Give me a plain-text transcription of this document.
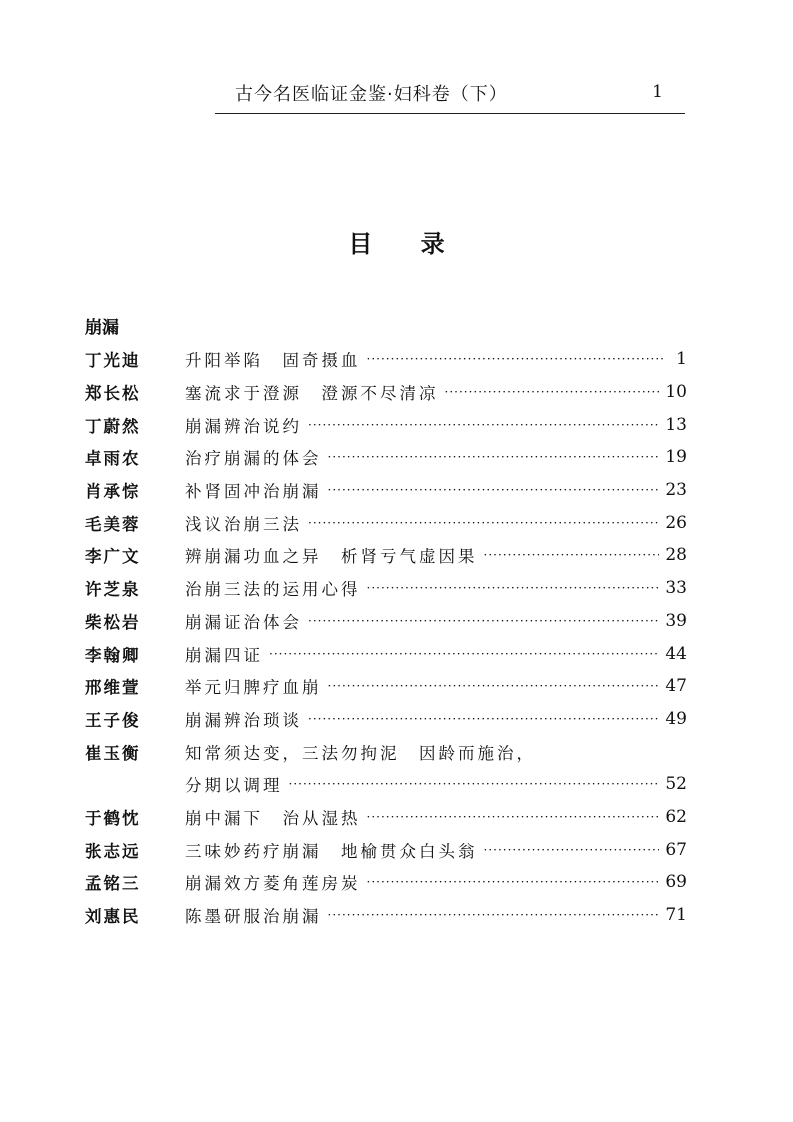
古今名医临证金鉴·妇科卷（下）	1
目 录
崩漏
丁光迪	升阳举陷　固奇摄血 ·····	1
郑长松	塞流求于澄源　澄源不尽清凉 ·····	10
丁蔚然	崩漏辨治说约 ·····	13
卓雨农	治疗崩漏的体会 ·····	19
肖承悰	补肾固冲治崩漏 ·····	23
毛美蓉	浅议治崩三法 ·····	26
李广文	辨崩漏功血之异　析肾亏气虚因果 ·····	28
许芝泉	治崩三法的运用心得 ·····	33
柴松岩	崩漏证治体会 ·····	39
李翰卿	崩漏四证 ·····	44
邢维萱	举元归脾疗血崩 ·····	47
王子俊	崩漏辨治琐谈 ·····	49
崔玉衡	知常须达变，三法勿拘泥　因龄而施治，
分期以调理 ·····	52
于鹤忱	崩中漏下　治从湿热 ·····	62
张志远	三味妙药疗崩漏　地榆贯众白头翁 ·····	67
孟铭三	崩漏效方菱角莲房炭 ·····	69
刘惠民	陈墨研服治崩漏 ·····	71
